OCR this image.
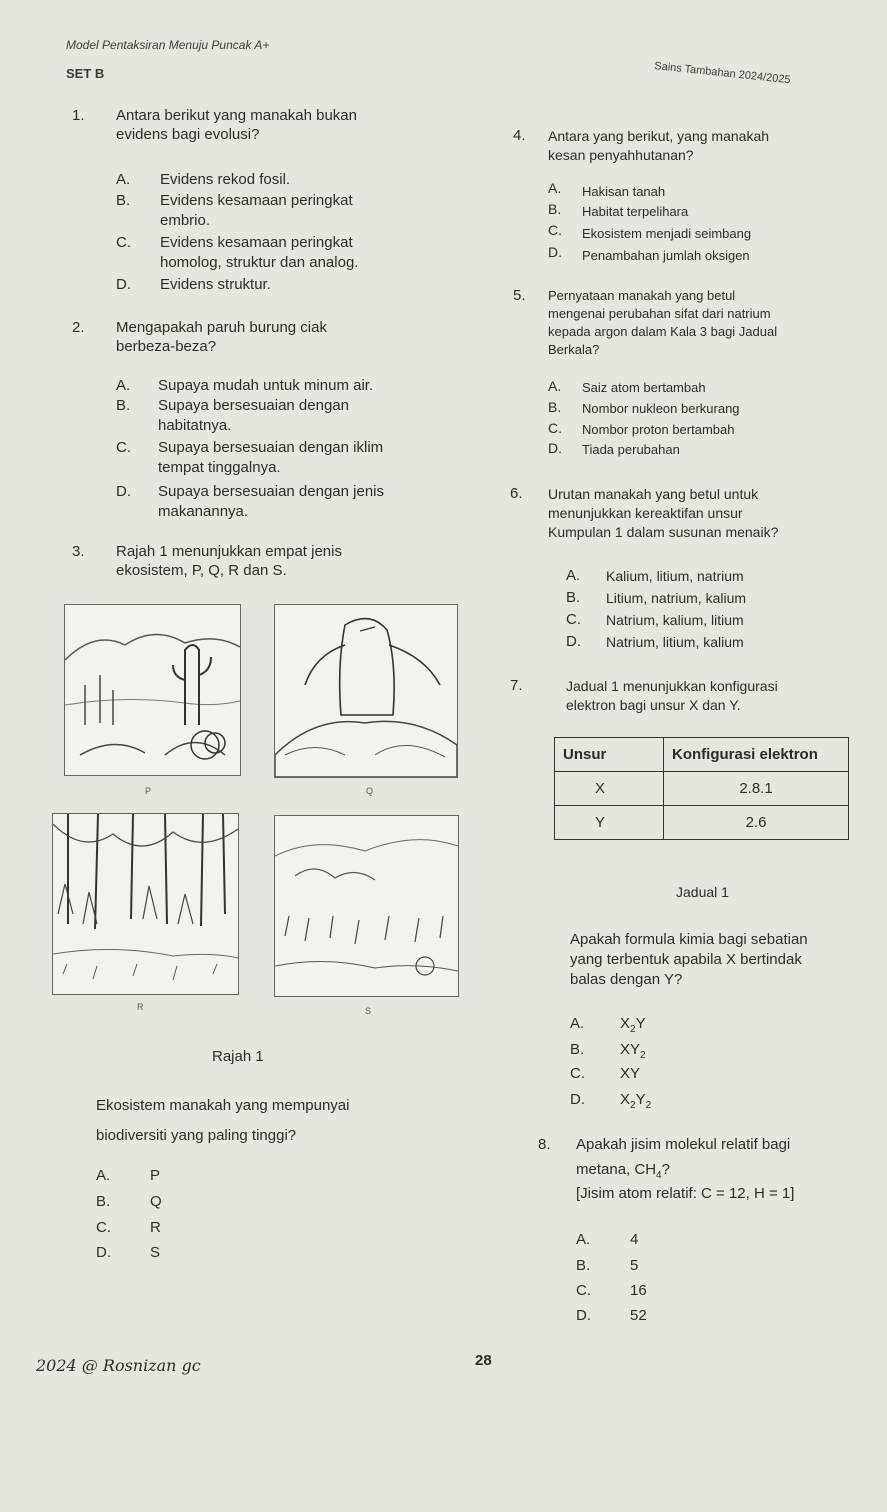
Model Pentaksiran Menuju Puncak A+
SET B	Sains Tambahan 2024/2025
1. Antara berikut yang manakah bukan
evidens bagi evolusi?
A. Evidens rekod fosil.
B. Evidens kesamaan peringkat
embrio.
C. Evidens kesamaan peringkat
homolog, struktur dan analog.
D. Evidens struktur.
2. Mengapakah paruh burung ciak
berbeza-beza?
A. Supaya mudah untuk minum air.
B. Supaya bersesuaian dengan
habitatnya.
C. Supaya bersesuaian dengan iklim
tempat tinggalnya.
D. Supaya bersesuaian dengan jenis
makanannya.
3. Rajah 1 menunjukkan empat jenis
ekosistem, P, Q, R dan S.
P	Q
R	S
Rajah 1
Ekosistem manakah yang mempunyai
biodiversiti yang paling tinggi?
A.	P
B.	Q
C.	R
D.	S
4. Antara yang berikut, yang manakah
kesan penyahhutanan?
A. Hakisan tanah
B. Habitat terpelihara
C. Ekosistem menjadi seimbang
D. Penambahan jumlah oksigen
5. Pernyataan manakah yang betul
mengenai perubahan sifat dari natrium
kepada argon dalam Kala 3 bagi Jadual
Berkala?
A. Saiz atom bertambah
B. Nombor nukleon berkurang
C. Nombor proton bertambah
D. Tiada perubahan
6. Urutan manakah yang betul untuk
menunjukkan kereaktifan unsur
Kumpulan 1 dalam susunan menaik?
A. Kalium, litium, natrium
B. Litium, natrium, kalium
C. Natrium, kalium, litium
D. Natrium, litium, kalium
7.	Jadual 1 menunjukkan konfigurasi
elektron bagi unsur X dan Y.
Unsur	Konfigurasi elektron
X	2.8.1
Y	2.6
Jadual 1
Apakah formula kimia bagi sebatian
yang terbentuk apabila X bertindak
balas dengan Y?
A. $X_2Y$
B. $XY_2$
C. XY
D. $X_2Y_2$
8. Apakah jisim molekul relatif bagi
metana, $CH_4$?
[Jisim atom relatif: C = 12, H = 1]
A.	4
B.	5
C.	16
D.	52
2024 @ Rosnizan gc	28
